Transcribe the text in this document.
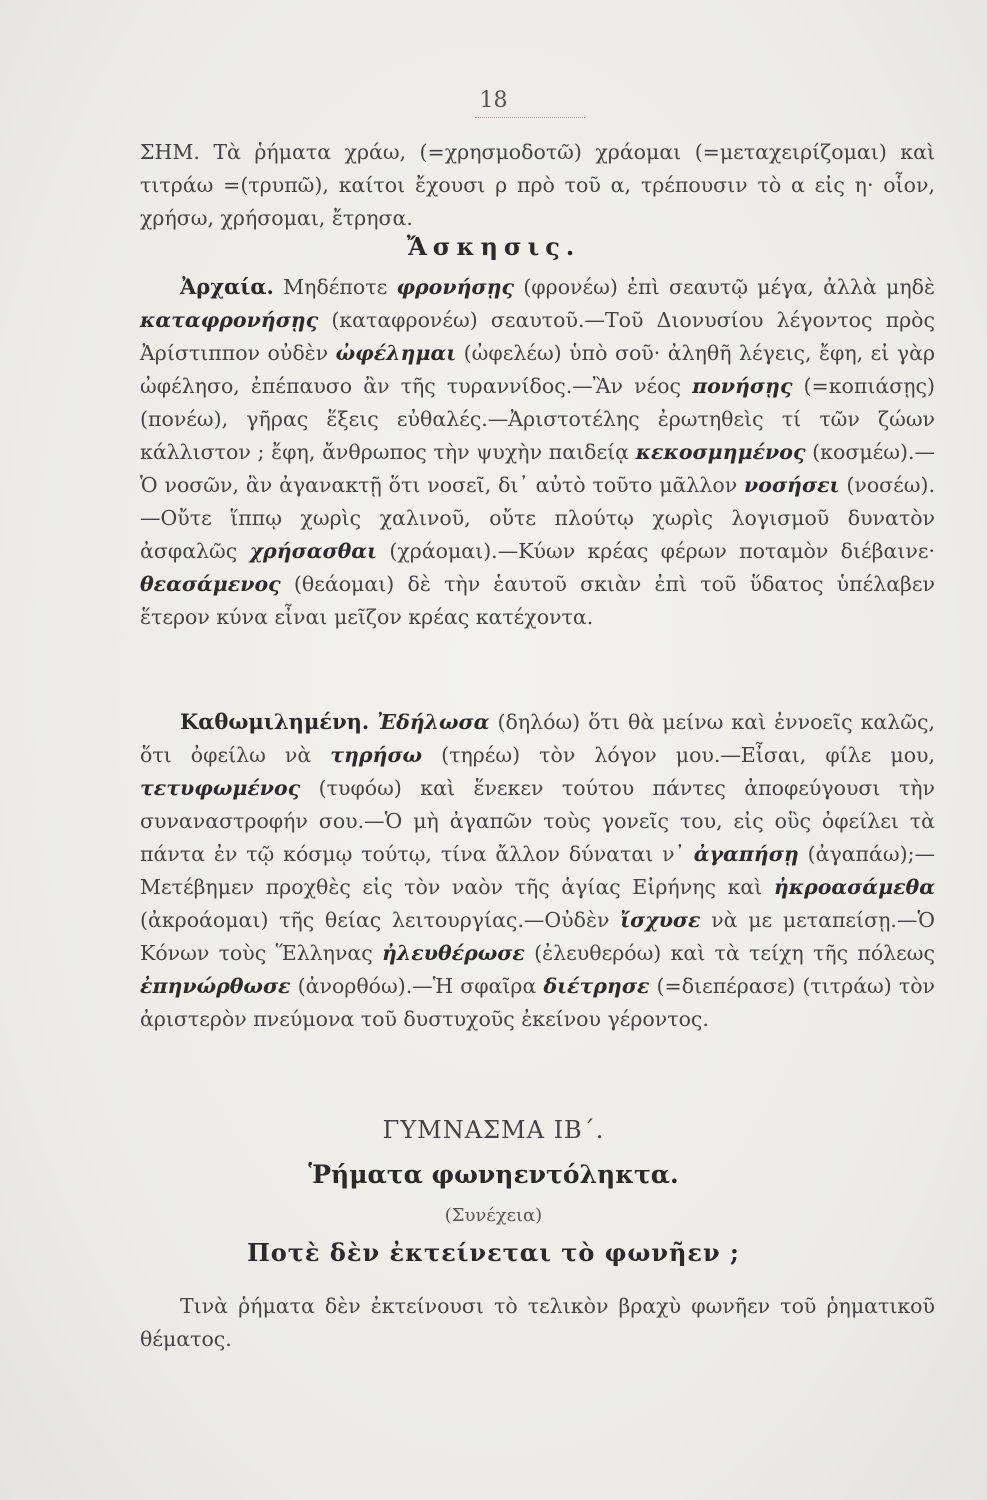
18
ΣΗΜ. Τὰ ῥήματα χράω, (=χρησμοδοτῶ) χράομαι (=μεταχειρίζομαι) καὶ τιτράω =(τρυπῶ), καίτοι ἔχουσι ρ πρὸ τοῦ α, τρέπουσιν τὸ α εἰς η· οἷον, χρήσω, χρήσομαι, ἔτρησα.
Ἄσκησις.
Ἀρχαία. Μηδέποτε φρονήσῃς (φρονέω) ἐπὶ σεαυτῷ μέγα, ἀλλὰ μηδὲ καταφρονήσῃς (καταφρονέω) σεαυτοῦ.—Τοῦ Διονυσίου λέγοντος πρὸς Ἀρίστιππον οὐδὲν ὠφέλημαι (ὠφελέω) ὑπὸ σοῦ· ἀληθῆ λέγεις, ἔφη, εἰ γὰρ ὠφέλησο, ἐπέπαυσο ἂν τῆς τυραννίδος.—Ἂν νέος πονήσῃς (=κοπιάσῃς) (πονέω), γῆρας ἕξεις εὐθαλές.—Ἀριστοτέλης ἐρωτηθεὶς τί τῶν ζώων κάλλιστον ; ἔφη, ἄνθρωπος τὴν ψυχὴν παιδείᾳ κεκοσμημένος (κοσμέω).—Ὁ νοσῶν, ἂν ἀγανακτῇ ὅτι νοσεῖ, δι᾽ αὐτὸ τοῦτο μᾶλλον νοσήσει (νοσέω).—Οὔτε ἵππῳ χωρὶς χαλινοῦ, οὔτε πλούτῳ χωρὶς λογισμοῦ δυνατὸν ἀσφαλῶς χρήσασθαι (χράομαι).—Κύων κρέας φέρων ποταμὸν διέβαινε· θεασάμενος (θεάομαι) δὲ τὴν ἑαυτοῦ σκιὰν ἐπὶ τοῦ ὕδατος ὑπέλαβεν ἕτερον κύνα εἶναι μεῖζον κρέας κατέχοντα.
Καθωμιλημένη. Ἐδήλωσα (δηλόω) ὅτι θὰ μείνω καὶ ἐννοεῖς καλῶς, ὅτι ὀφείλω νὰ τηρήσω (τηρέω) τὸν λόγον μου.—Εἶσαι, φίλε μου, τετυφωμένος (τυφόω) καὶ ἕνεκεν τούτου πάντες ἀποφεύγουσι τὴν συναναστροφήν σου.—Ὁ μὴ ἀγαπῶν τοὺς γονεῖς του, εἰς οὓς ὀφείλει τὰ πάντα ἐν τῷ κόσμῳ τούτῳ, τίνα ἄλλον δύναται ν᾽ ἀγαπήσῃ (ἀγαπάω);—Μετέβημεν προχθὲς εἰς τὸν ναὸν τῆς ἁγίας Εἰρήνης καὶ ἠκροασάμεθα (ἀκροάομαι) τῆς θείας λειτουργίας.—Οὐδὲν ἴσχυσε νὰ με μεταπείσῃ.—Ὁ Κόνων τοὺς Ἕλληνας ἠλευθέρωσε (ἐλευθερόω) καὶ τὰ τείχη τῆς πόλεως ἐπηνώρθωσε (ἀνορθόω).—Ἡ σφαῖρα διέτρησε (=διεπέρασε) (τιτράω) τὸν ἀριστερὸν πνεύμονα τοῦ δυστυχοῦς ἐκείνου γέροντος.
ΓΥΜΝΑΣΜΑ ΙΒ΄.
Ῥήματα φωνηεντόληκτα.
(Συνέχεια)
Ποτὲ δὲν ἐκτείνεται τὸ φωνῆεν ;
Τινὰ ῥήματα δὲν ἐκτείνουσι τὸ τελικὸν βραχὺ φωνῆεν τοῦ ῥηματικοῦ θέματος.
